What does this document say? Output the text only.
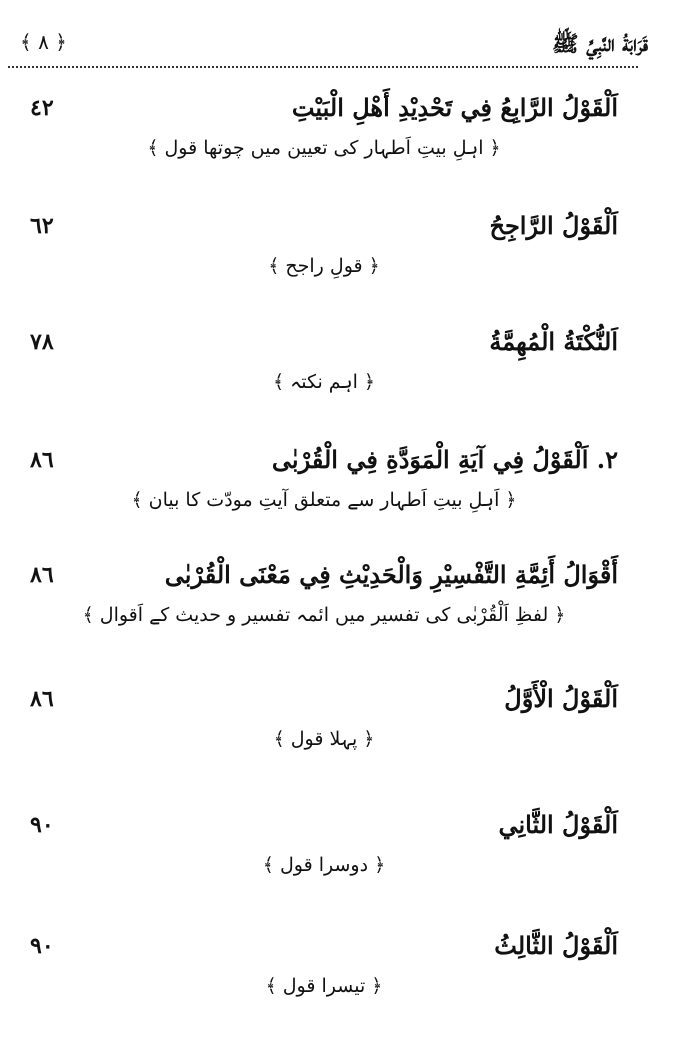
﴿ ٨ ﴾	قَرَابَةُ النَّبِيِّ ﷺ
اَلْقَوْلُ الرَّابِعُ فِي تَحْدِيْدِ أَهْلِ الْبَيْتِ
٤٢
﴿ اہلِ بیتِ اَطہار کی تعیین میں چوتھا قول ﴾
اَلْقَوْلُ الرَّاجِحُ
٦٢
﴿ قولِ راجح ﴾
اَلنُّكْتَةُ الْمُهِمَّةُ
٧٨
﴿ اہم نکتہ ﴾
٢. اَلْقَوْلُ فِي آيَةِ الْمَوَدَّةِ فِي الْقُرْبٰى
٨٦
﴿ اَہلِ بیتِ اَطہار سے متعلق آیتِ مودّت کا بیان ﴾
أَقْوَالُ أَئِمَّةِ التَّفْسِيْرِ وَالْحَدِيْثِ فِي مَعْنَى الْقُرْبٰى
٨٦
﴿ لفظِ اَلْقُرْبٰى کی تفسیر میں ائمہ تفسیر و حدیث کے اَقوال ﴾
اَلْقَوْلُ الْأَوَّلُ
٨٦
﴿ پہلا قول ﴾
اَلْقَوْلُ الثَّانِي
٩٠
﴿ دوسرا قول ﴾
اَلْقَوْلُ الثَّالِثُ
٩٠
﴿ تیسرا قول ﴾
